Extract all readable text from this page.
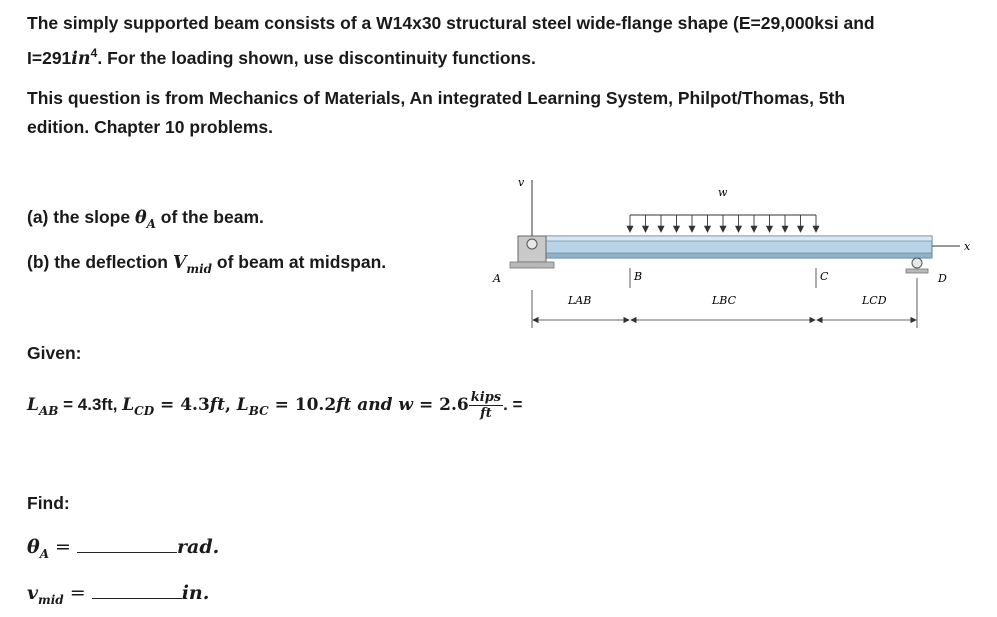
The simply supported beam consists of a W14x30 structural steel wide-flange shape (E=29,000ksi and

$I=291in^4$. For the loading shown, use discontinuity functions.

This question is from Mechanics of Materials, An integrated Learning System, Philpot/Thomas, 5th

edition. Chapter 10 problems.

(a) the slope $\theta_A$ of the beam.

(b) the deflection $V_{mid}$ of beam at midspan.

Given:

$L_{AB} = 4.3ft$, $L_{CD} = 4.3ft$, $L_{BC} = 10.2ft$ and $w = 2.6 \frac{\text{kips}}{ft}$ . =

Find:

$\theta_A$ =	rad.

$v_{mid}$ =	in.

v
x
A	D
B	C
w
LAB	LBC	LCD
